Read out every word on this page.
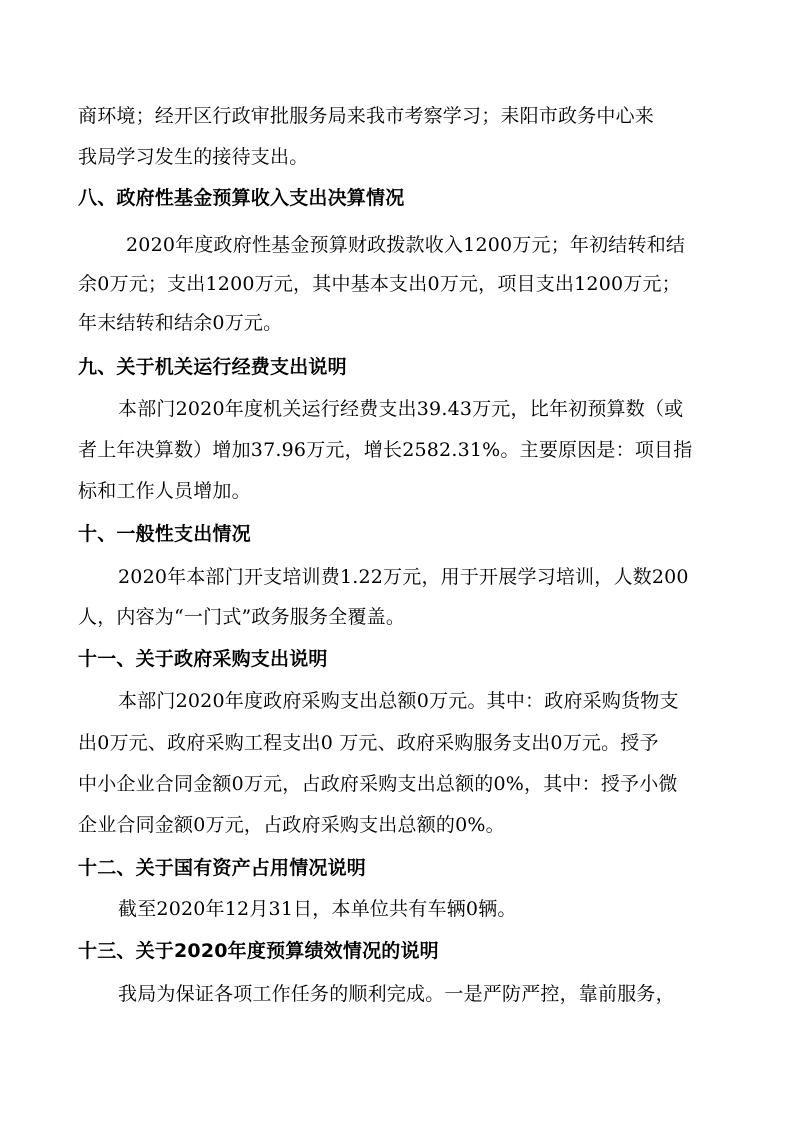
商环境；经开区行政审批服务局来我市考察学习；耒阳市政务中心来
我局学习发生的接待支出。
八、政府性基金预算收入支出决算情况
2020年度政府性基金预算财政拨款收入1200万元；年初结转和结
余0万元；支出1200万元，其中基本支出0万元，项目支出1200万元；
年末结转和结余0万元。
九、关于机关运行经费支出说明
本部门2020年度机关运行经费支出39.43万元，比年初预算数（或
者上年决算数）增加37.96万元，增长2582.31%。主要原因是：项目指
标和工作人员增加。
十、一般性支出情况
2020年本部门开支培训费1.22万元，用于开展学习培训，人数200
人，内容为“一门式”政务服务全覆盖。
十一、关于政府采购支出说明
本部门2020年度政府采购支出总额0万元。其中：政府采购货物支
出0万元、政府采购工程支出0 万元、政府采购服务支出0万元。授予
中小企业合同金额0万元，占政府采购支出总额的0%，其中：授予小微
企业合同金额0万元，占政府采购支出总额的0%。
十二、关于国有资产占用情况说明
截至2020年12月31日，本单位共有车辆0辆。
十三、关于2020年度预算绩效情况的说明
我局为保证各项工作任务的顺利完成。一是严防严控，靠前服务，
